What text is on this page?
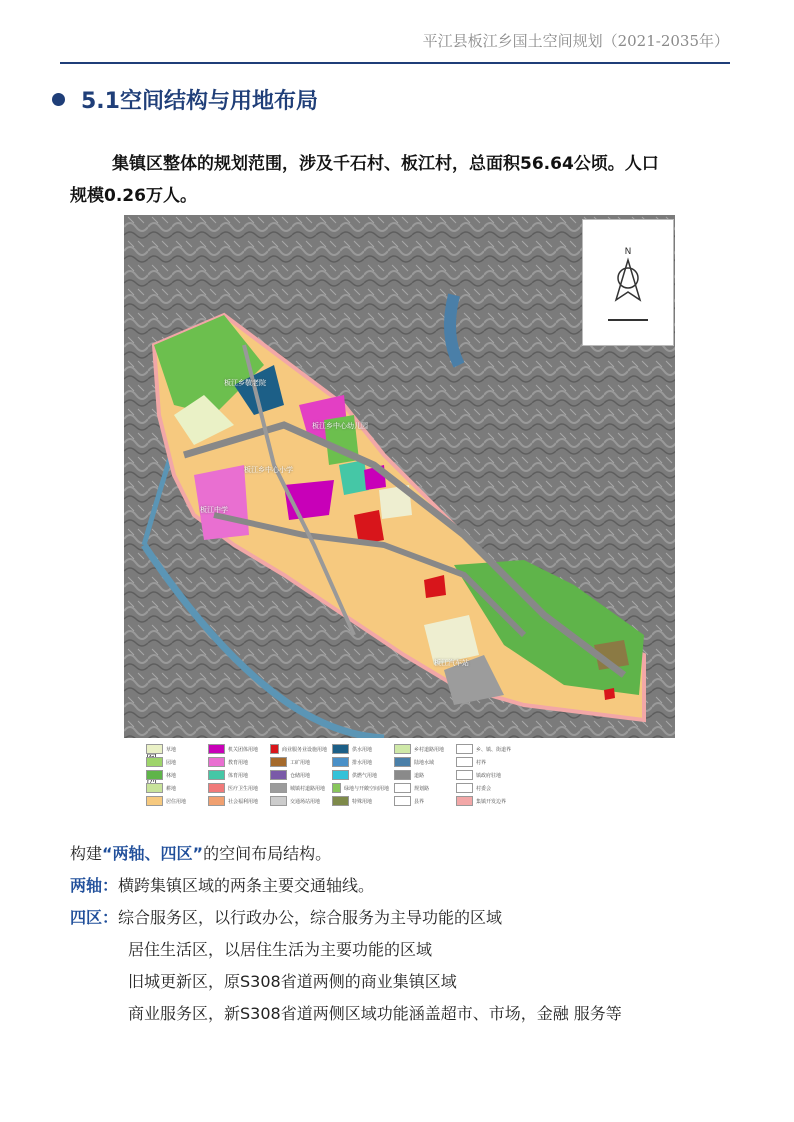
平江县板江乡国土空间规划（2021-2035年）
5.1空间结构与用地布局

集镇区整体的规划范围，涉及千石村、板江村，总面积56.64公顷。人口

规模0.26万人。
板江乡敬老院
板江乡中心幼儿园
板江乡中心小学
板江中学
板江汽车站
N
草地	机关团体用地	商业服务业设施用地	供水用地	乡村道路用地	乡、镇、街道界
园地	教育用地	工矿用地	排水用地	陆地水域	村界
林地	体育用地	仓储用地	供燃气用地	道路	镇政府驻地
耕地	医疗卫生用地	城镇村道路用地	绿地与开敞空间用地	规划路	村委会
居住用地	社会福利用地	交通场站用地	特殊用地	县界	集镇开发边界
构建“两轴、四区”的空间布局结构。
两轴：横跨集镇区域的两条主要交通轴线。
四区：综合服务区，以行政办公，综合服务为主导功能的区域
居住生活区，以居住生活为主要功能的区域
旧城更新区，原S308省道两侧的商业集镇区域
商业服务区，新S308省道两侧区域功能涵盖超市、市场，金融 服务等
